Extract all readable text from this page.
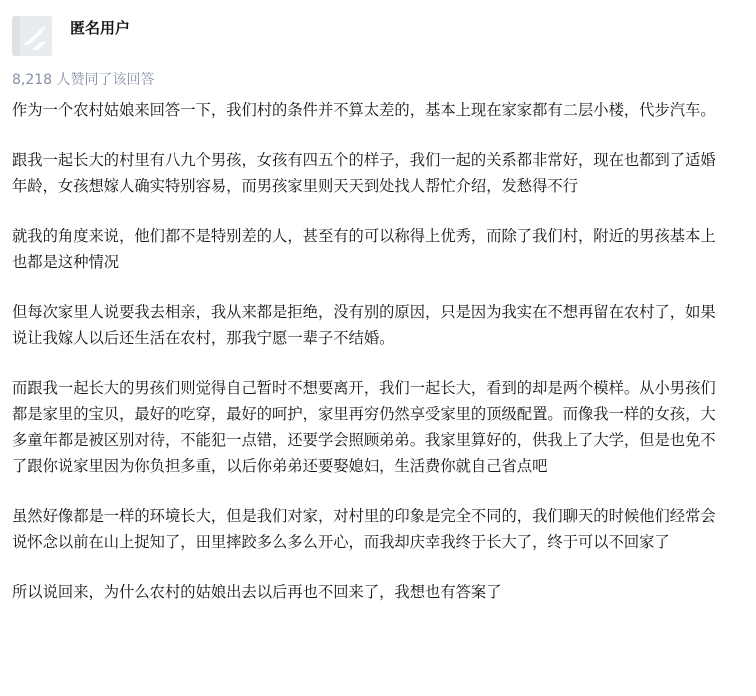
匿名用户
8,218 人赞同了该回答

作为一个农村姑娘来回答一下，我们村的条件并不算太差的，基本上现在家家都有二层小楼，代步汽车。

跟我一起长大的村里有八九个男孩，女孩有四五个的样子，我们一起的关系都非常好，现在也都到了适婚年龄，女孩想嫁人确实特别容易，而男孩家里则天天到处找人帮忙介绍，发愁得不行

就我的角度来说，他们都不是特别差的人，甚至有的可以称得上优秀，而除了我们村，附近的男孩基本上也都是这种情况

但每次家里人说要我去相亲，我从来都是拒绝，没有别的原因，只是因为我实在不想再留在农村了，如果说让我嫁人以后还生活在农村，那我宁愿一辈子不结婚。

而跟我一起长大的男孩们则觉得自己暂时不想要离开，我们一起长大，看到的却是两个模样。从小男孩们都是家里的宝贝，最好的吃穿，最好的呵护，家里再穷仍然享受家里的顶级配置。而像我一样的女孩，大多童年都是被区别对待，不能犯一点错，还要学会照顾弟弟。我家里算好的，供我上了大学，但是也免不了跟你说家里因为你负担多重，以后你弟弟还要娶媳妇，生活费你就自己省点吧

虽然好像都是一样的环境长大，但是我们对家，对村里的印象是完全不同的，我们聊天的时候他们经常会说怀念以前在山上捉知了，田里摔跤多么多么开心，而我却庆幸我终于长大了，终于可以不回家了

所以说回来，为什么农村的姑娘出去以后再也不回来了，我想也有答案了
